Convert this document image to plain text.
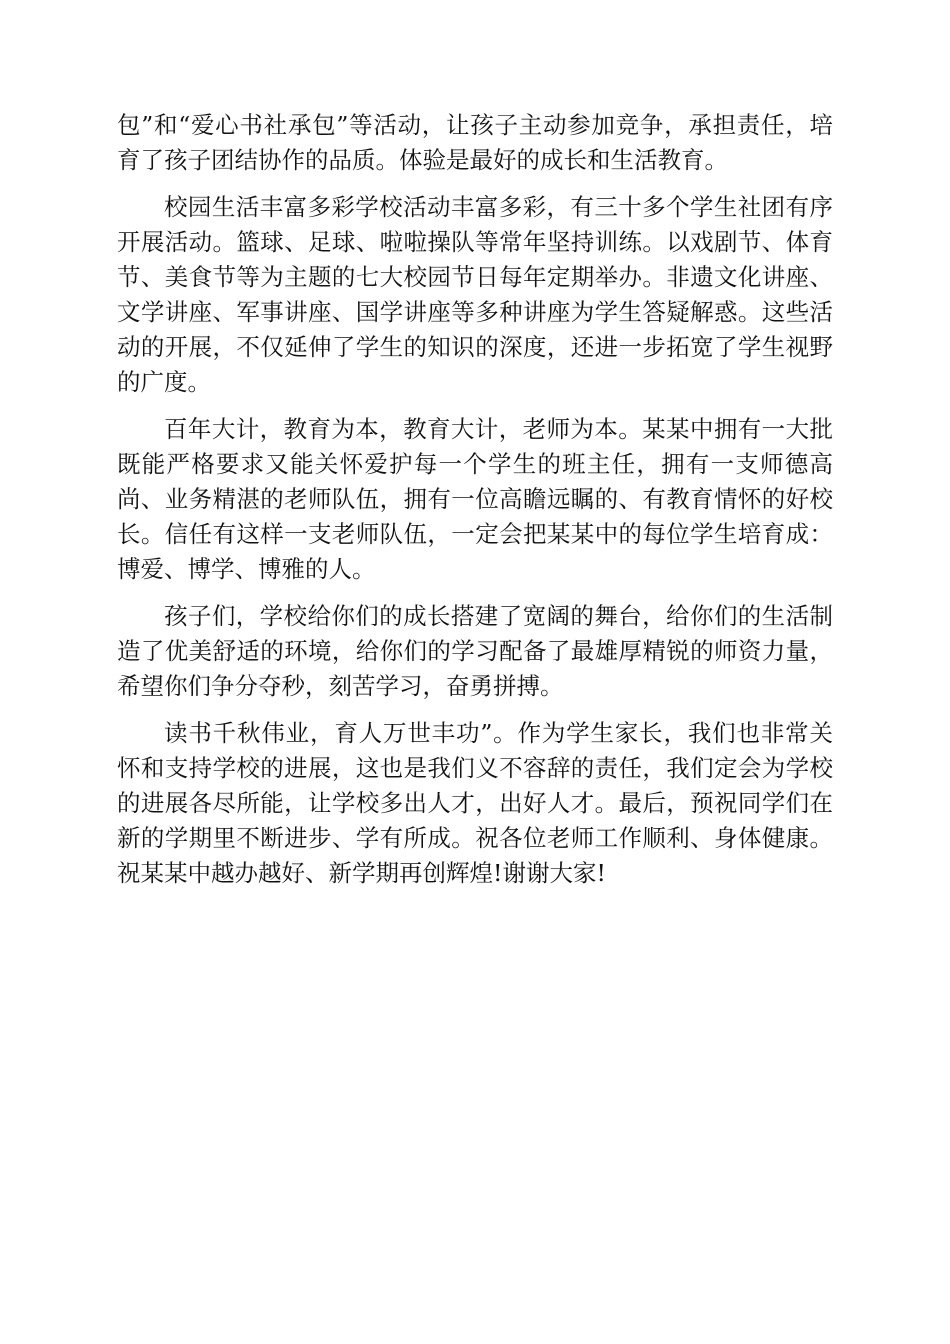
包”和“爱心书社承包”等活动，让孩子主动参加竞争，承担责任，培育了孩子团结协作的品质。体验是最好的成长和生活教育。

校园生活丰富多彩学校活动丰富多彩，有三十多个学生社团有序开展活动。篮球、足球、啦啦操队等常年坚持训练。以戏剧节、体育节、美食节等为主题的七大校园节日每年定期举办。非遗文化讲座、文学讲座、军事讲座、国学讲座等多种讲座为学生答疑解惑。这些活动的开展，不仅延伸了学生的知识的深度，还进一步拓宽了学生视野的广度。

百年大计，教育为本，教育大计，老师为本。某某中拥有一大批既能严格要求又能关怀爱护每一个学生的班主任，拥有一支师德高尚、业务精湛的老师队伍，拥有一位高瞻远瞩的、有教育情怀的好校长。信任有这样一支老师队伍，一定会把某某中的每位学生培育成：博爱、博学、博雅的人。

孩子们，学校给你们的成长搭建了宽阔的舞台，给你们的生活制造了优美舒适的环境，给你们的学习配备了最雄厚精锐的师资力量，希望你们争分夺秒，刻苦学习，奋勇拼搏。

读书千秋伟业，育人万世丰功”。作为学生家长，我们也非常关怀和支持学校的进展，这也是我们义不容辞的责任，我们定会为学校的进展各尽所能，让学校多出人才，出好人才。最后，预祝同学们在新的学期里不断进步、学有所成。祝各位老师工作顺利、身体健康。祝某某中越办越好、新学期再创辉煌!谢谢大家!
